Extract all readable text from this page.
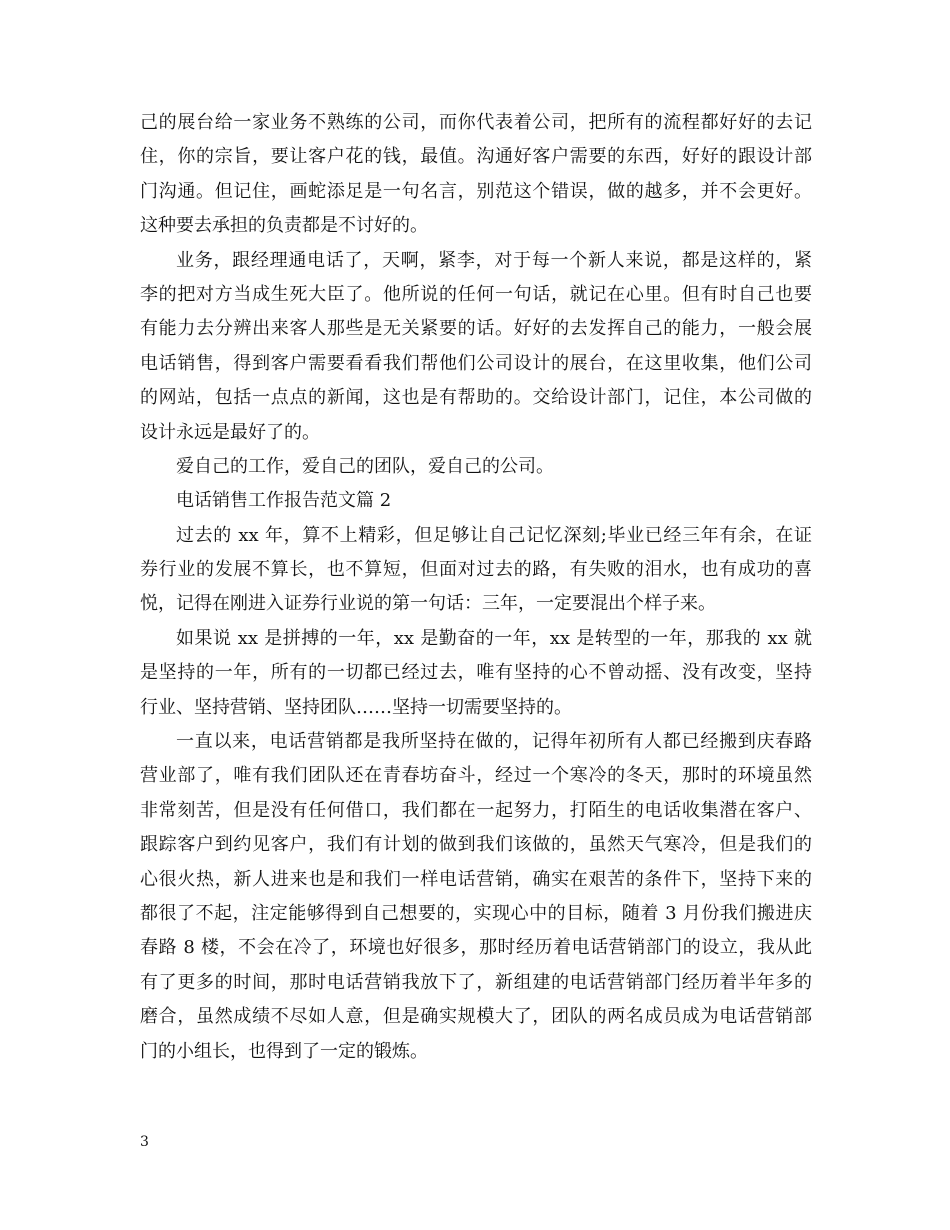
己的展台给一家业务不熟练的公司，而你代表着公司，把所有的流程都好好的去记
住，你的宗旨，要让客户花的钱，最值。沟通好客户需要的东西，好好的跟设计部
门沟通。但记住，画蛇添足是一句名言，别范这个错误，做的越多，并不会更好。
这种要去承担的负责都是不讨好的。
业务，跟经理通电话了，天啊，紧李，对于每一个新人来说，都是这样的，紧
李的把对方当成生死大臣了。他所说的任何一句话，就记在心里。但有时自己也要
有能力去分辨出来客人那些是无关紧要的话。好好的去发挥自己的能力，一般会展
电话销售，得到客户需要看看我们帮他们公司设计的展台，在这里收集，他们公司
的网站，包括一点点的新闻，这也是有帮助的。交给设计部门，记住，本公司做的
设计永远是最好了的。
爱自己的工作，爱自己的团队，爱自己的公司。
电话销售工作报告范文篇 2
过去的 xx 年，算不上精彩，但足够让自己记忆深刻;毕业已经三年有余，在证
券行业的发展不算长，也不算短，但面对过去的路，有失败的泪水，也有成功的喜
悦，记得在刚进入证券行业说的第一句话：三年，一定要混出个样子来。
如果说 xx 是拼搏的一年，xx 是勤奋的一年，xx 是转型的一年，那我的 xx 就
是坚持的一年，所有的一切都已经过去，唯有坚持的心不曾动摇、没有改变，坚持
行业、坚持营销、坚持团队……坚持一切需要坚持的。
一直以来，电话营销都是我所坚持在做的，记得年初所有人都已经搬到庆春路
营业部了，唯有我们团队还在青春坊奋斗，经过一个寒冷的冬天，那时的环境虽然
非常刻苦，但是没有任何借口，我们都在一起努力，打陌生的电话收集潜在客户、
跟踪客户到约见客户，我们有计划的做到我们该做的，虽然天气寒冷，但是我们的
心很火热，新人进来也是和我们一样电话营销，确实在艰苦的条件下，坚持下来的
都很了不起，注定能够得到自己想要的，实现心中的目标，随着 3 月份我们搬进庆
春路 8 楼，不会在冷了，环境也好很多，那时经历着电话营销部门的设立，我从此
有了更多的时间，那时电话营销我放下了，新组建的电话营销部门经历着半年多的
磨合，虽然成绩不尽如人意，但是确实规模大了，团队的两名成员成为电话营销部
门的小组长，也得到了一定的锻炼。
3
